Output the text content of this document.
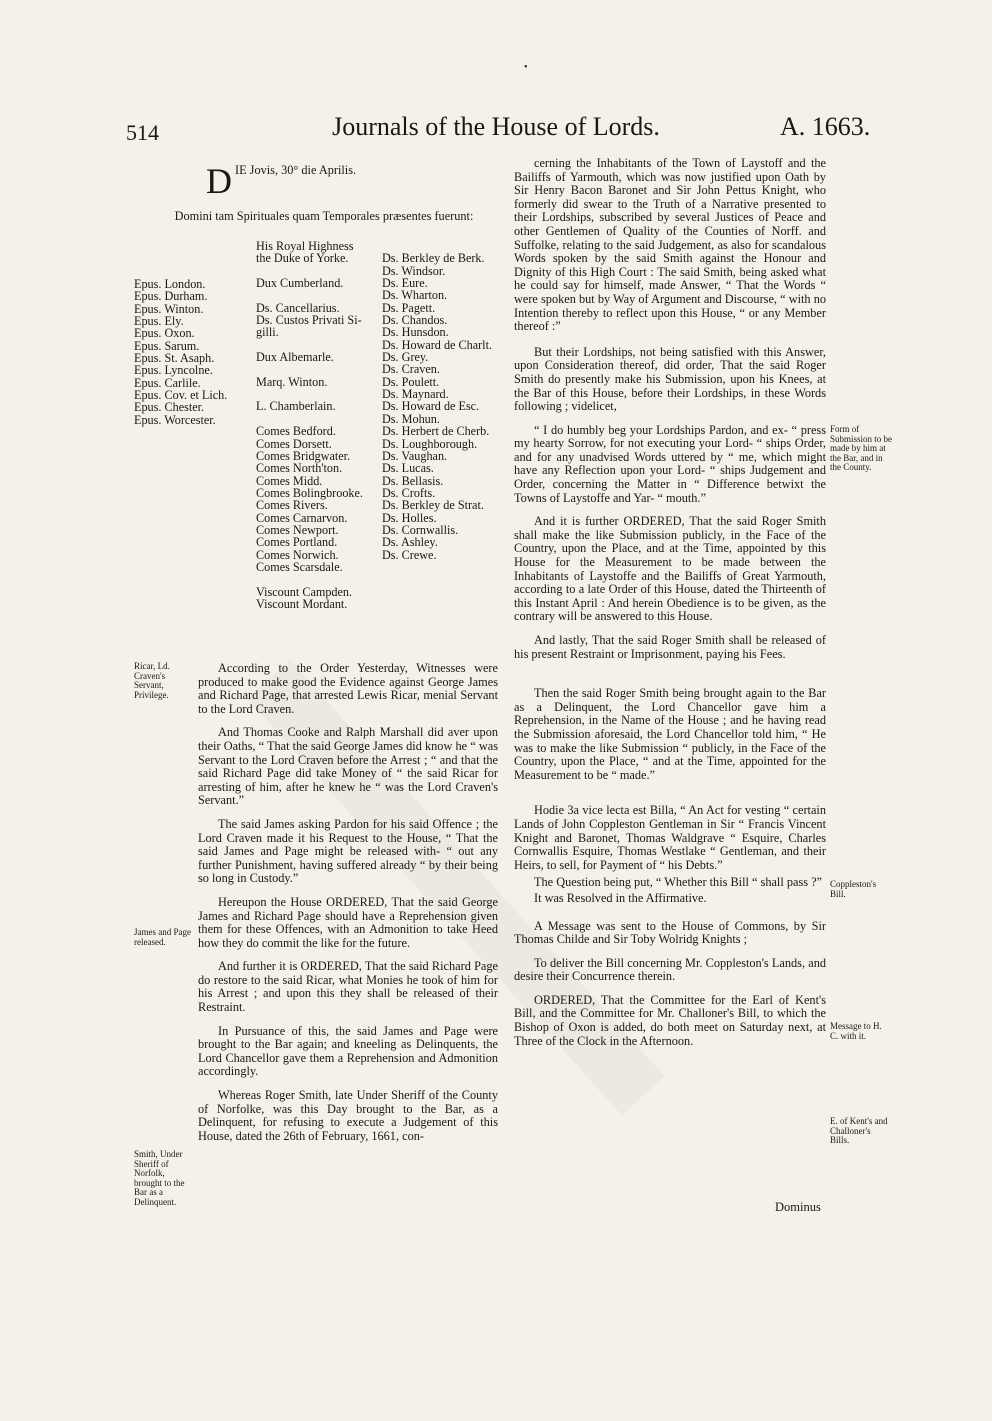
•
514	Journals of the House of Lords.	A. 1663.
D IE Jovis, 30° die Aprilis.
Domini tam Spirituales quam Temporales præsentes fuerunt:
Epus. London.
Epus. Durham.
Epus. Winton.
Epus. Ely.
Epus. Oxon.
Epus. Sarum.
Epus. St. Asaph.
Epus. Lyncolne.
Epus. Carlile.
Epus. Cov. et Lich.
Epus. Chester.
Epus. Worcester.
His Royal Highness
the Duke of Yorke.

Dux Cumberland.

Ds. Cancellarius.
Ds. Custos Privati Si-
gilli.

Dux Albemarle.

Marq. Winton.

L. Chamberlain.

Comes Bedford.
Comes Dorsett.
Comes Bridgwater.
Comes North'ton.
Comes Midd.
Comes Bolingbrooke.
Comes Rivers.
Comes Carnarvon.
Comes Newport.
Comes Portland.
Comes Norwich.
Comes Scarsdale.

Viscount Campden.
Viscount Mordant.

Ds. Berkley de Berk.
Ds. Windsor.
Ds. Eure.
Ds. Wharton.
Ds. Pagett.
Ds. Chandos.
Ds. Hunsdon.
Ds. Howard de Charlt.
Ds. Grey.
Ds. Craven.
Ds. Poulett.
Ds. Maynard.
Ds. Howard de Esc.
Ds. Mohun.
Ds. Herbert de Cherb.
Ds. Loughborough.
Ds. Vaughan.
Ds. Lucas.
Ds. Bellasis.
Ds. Crofts.
Ds. Berkley de Strat.
Ds. Holles.
Ds. Cornwallis.
Ds. Ashley.
Ds. Crewe.

According to the Order Yesterday, Witnesses were produced to make good the Evidence against George James and Richard Page, that arrested Lewis Ricar, menial Servant to the Lord Craven.

And Thomas Cooke and Ralph Marshall did aver upon their Oaths, “ That the said George James did know he “ was Servant to the Lord Craven before the Arrest ; “ and that the said Richard Page did take Money of “ the said Ricar for arresting of him, after he knew he “ was the Lord Craven's Servant.”

The said James asking Pardon for his said Offence ; the Lord Craven made it his Request to the House, “ That the said James and Page might be released with- “ out any further Punishment, having suffered already “ by their being so long in Custody.”

Hereupon the House ORDERED, That the said George James and Richard Page should have a Reprehension given them for these Offences, with an Admonition to take Heed how they do commit the like for the future.

And further it is ORDERED, That the said Richard Page do restore to the said Ricar, what Monies he took of him for his Arrest ; and upon this they shall be released of their Restraint.

In Pursuance of this, the said James and Page were brought to the Bar again; and kneeling as Delinquents, the Lord Chancellor gave them a Reprehension and Admonition accordingly.

Whereas Roger Smith, late Under Sheriff of the County of Norfolke, was this Day brought to the Bar, as a Delinquent, for refusing to execute a Judgement of this House, dated the 26th of February, 1661, con-

Ricar, Ld. Craven's Servant, Privilege.
James and Page released.
Smith, Under Sheriff of Norfolk, brought to the Bar as a Delinquent.

cerning the Inhabitants of the Town of Laystoff and the Bailiffs of Yarmouth, which was now justified upon Oath by Sir Henry Bacon Baronet and Sir John Pettus Knight, who formerly did swear to the Truth of a Narrative presented to their Lordships, subscribed by several Justices of Peace and other Gentlemen of Quality of the Counties of Norff. and Suffolke, relating to the said Judgement, as also for scandalous Words spoken by the said Smith against the Honour and Dignity of this High Court : The said Smith, being asked what he could say for himself, made Answer, “ That the Words “ were spoken but by Way of Argument and Discourse, “ with no Intention thereby to reflect upon this House, “ or any Member thereof :”

But their Lordships, not being satisfied with this Answer, upon Consideration thereof, did order, That the said Roger Smith do presently make his Submission, upon his Knees, at the Bar of this House, before their Lordships, in these Words following ; videlicet,

“ I do humbly beg your Lordships Pardon, and ex- “ press my hearty Sorrow, for not executing your Lord- “ ships Order, and for any unadvised Words uttered by “ me, which might have any Reflection upon your Lord- “ ships Judgement and Order, concerning the Matter in “ Difference betwixt the Towns of Laystoffe and Yar- “ mouth.”

And it is further ORDERED, That the said Roger Smith shall make the like Submission publicly, in the Face of the Country, upon the Place, and at the Time, appointed by this House for the Measurement to be made between the Inhabitants of Laystoffe and the Bailiffs of Great Yarmouth, according to a late Order of this House, dated the Thirteenth of this Instant April : And herein Obedience is to be given, as the contrary will be answered to this House.

And lastly, That the said Roger Smith shall be released of his present Restraint or Imprisonment, paying his Fees.

Then the said Roger Smith being brought again to the Bar as a Delinquent, the Lord Chancellor gave him a Reprehension, in the Name of the House ; and he having read the Submission aforesaid, the Lord Chancellor told him, “ He was to make the like Submission “ publicly, in the Face of the Country, upon the Place, “ and at the Time, appointed for the Measurement to be “ made.”

Hodie 3a vice lecta est Billa, “ An Act for vesting “ certain Lands of John Coppleston Gentleman in Sir “ Francis Vincent Knight and Baronet, Thomas Waldgrave “ Esquire, Charles Cornwallis Esquire, Thomas Westlake “ Gentleman, and their Heirs, to sell, for Payment of “ his Debts.”

The Question being put, “ Whether this Bill “ shall pass ?”

It was Resolved in the Affirmative.

A Message was sent to the House of Commons, by Sir Thomas Childe and Sir Toby Wolridg Knights ;

To deliver the Bill concerning Mr. Coppleston's Lands, and desire their Concurrence therein.

ORDERED, That the Committee for the Earl of Kent's Bill, and the Committee for Mr. Challoner's Bill, to which the Bishop of Oxon is added, do both meet on Saturday next, at Three of the Clock in the Afternoon.

Form of Submission to be made by him at the Bar, and in the County.
Coppleston's Bill.
Message to H. C. with it.
E. of Kent's and Challoner's Bills.
Dominus
